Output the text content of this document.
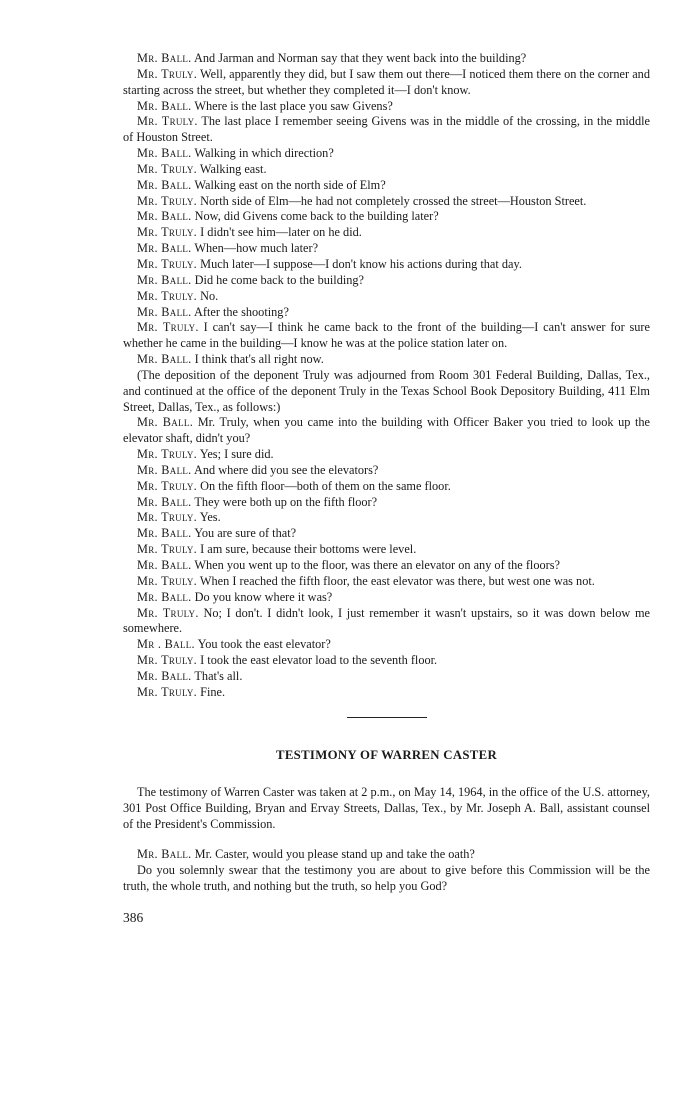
Mr. Ball. And Jarman and Norman say that they went back into the building?

Mr. Truly. Well, apparently they did, but I saw them out there—I noticed them there on the corner and starting across the street, but whether they completed it—I don't know.

Mr. Ball. Where is the last place you saw Givens?

Mr. Truly. The last place I remember seeing Givens was in the middle of the crossing, in the middle of Houston Street.

Mr. Ball. Walking in which direction?

Mr. Truly. Walking east.

Mr. Ball. Walking east on the north side of Elm?

Mr. Truly. North side of Elm—he had not completely crossed the street—Houston Street.

Mr. Ball. Now, did Givens come back to the building later?

Mr. Truly. I didn't see him—later on he did.

Mr. Ball. When—how much later?

Mr. Truly. Much later—I suppose—I don't know his actions during that day.

Mr. Ball. Did he come back to the building?

Mr. Truly. No.

Mr. Ball. After the shooting?

Mr. Truly. I can't say—I think he came back to the front of the building—I can't answer for sure whether he came in the building—I know he was at the police station later on.

Mr. Ball. I think that's all right now.

(The deposition of the deponent Truly was adjourned from Room 301 Federal Building, Dallas, Tex., and continued at the office of the deponent Truly in the Texas School Book Depository Building, 411 Elm Street, Dallas, Tex., as follows:)

Mr. Ball. Mr. Truly, when you came into the building with Officer Baker you tried to look up the elevator shaft, didn't you?

Mr. Truly. Yes; I sure did.

Mr. Ball. And where did you see the elevators?

Mr. Truly. On the fifth floor—both of them on the same floor.

Mr. Ball. They were both up on the fifth floor?

Mr. Truly. Yes.

Mr. Ball. You are sure of that?

Mr. Truly. I am sure, because their bottoms were level.

Mr. Ball. When you went up to the floor, was there an elevator on any of the floors?

Mr. Truly. When I reached the fifth floor, the east elevator was there, but west one was not.

Mr. Ball. Do you know where it was?

Mr. Truly. No; I don't. I didn't look, I just remember it wasn't upstairs, so it was down below me somewhere.

Mr . Ball. You took the east elevator?

Mr. Truly. I took the east elevator load to the seventh floor.

Mr. Ball. That's all.

Mr. Truly. Fine.

TESTIMONY OF WARREN CASTER

The testimony of Warren Caster was taken at 2 p.m., on May 14, 1964, in the office of the U.S. attorney, 301 Post Office Building, Bryan and Ervay Streets, Dallas, Tex., by Mr. Joseph A. Ball, assistant counsel of the President's Commission.

Mr. Ball. Mr. Caster, would you please stand up and take the oath?

Do you solemnly swear that the testimony you are about to give before this Commission will be the truth, the whole truth, and nothing but the truth, so help you God?

386
